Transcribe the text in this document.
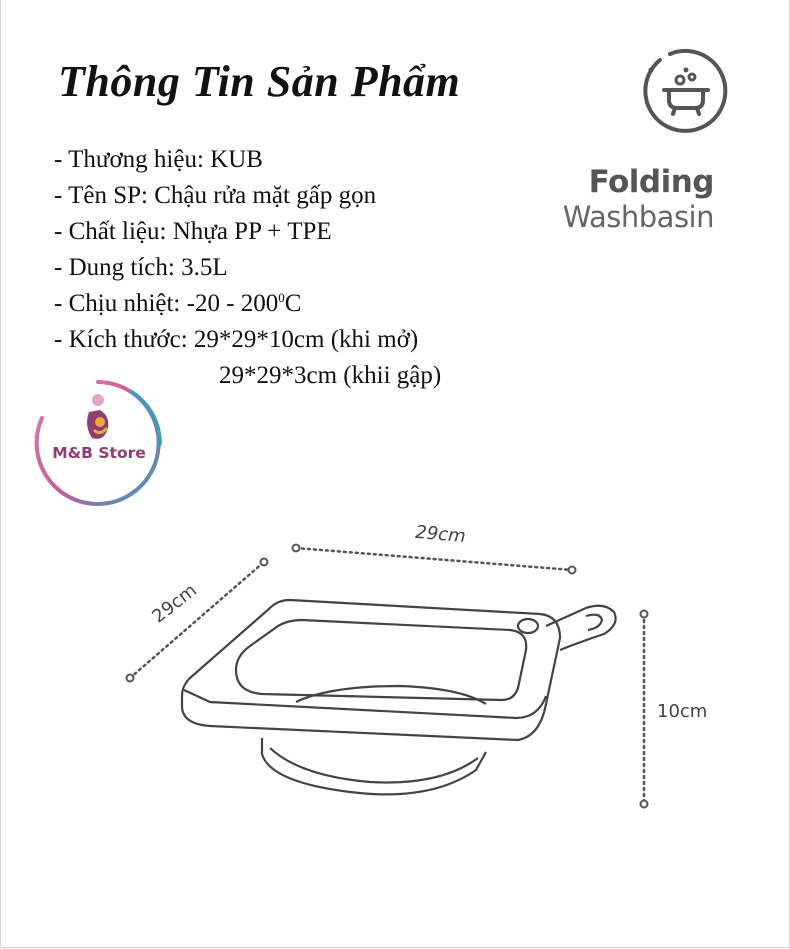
Thông Tin Sản Phẩm
- Thương hiệu: KUB
- Tên SP: Chậu rửa mặt gấp gọn
- Chất liệu: Nhựa PP + TPE
- Dung tích: 3.5L
- Chịu nhiệt: $-20 - 200^0C$
- Kích thước: 29*29*10cm (khi mở)
29*29*3cm (khii gập)
Folding
Washbasin
M&B Store
29cm
29cm
10cm
